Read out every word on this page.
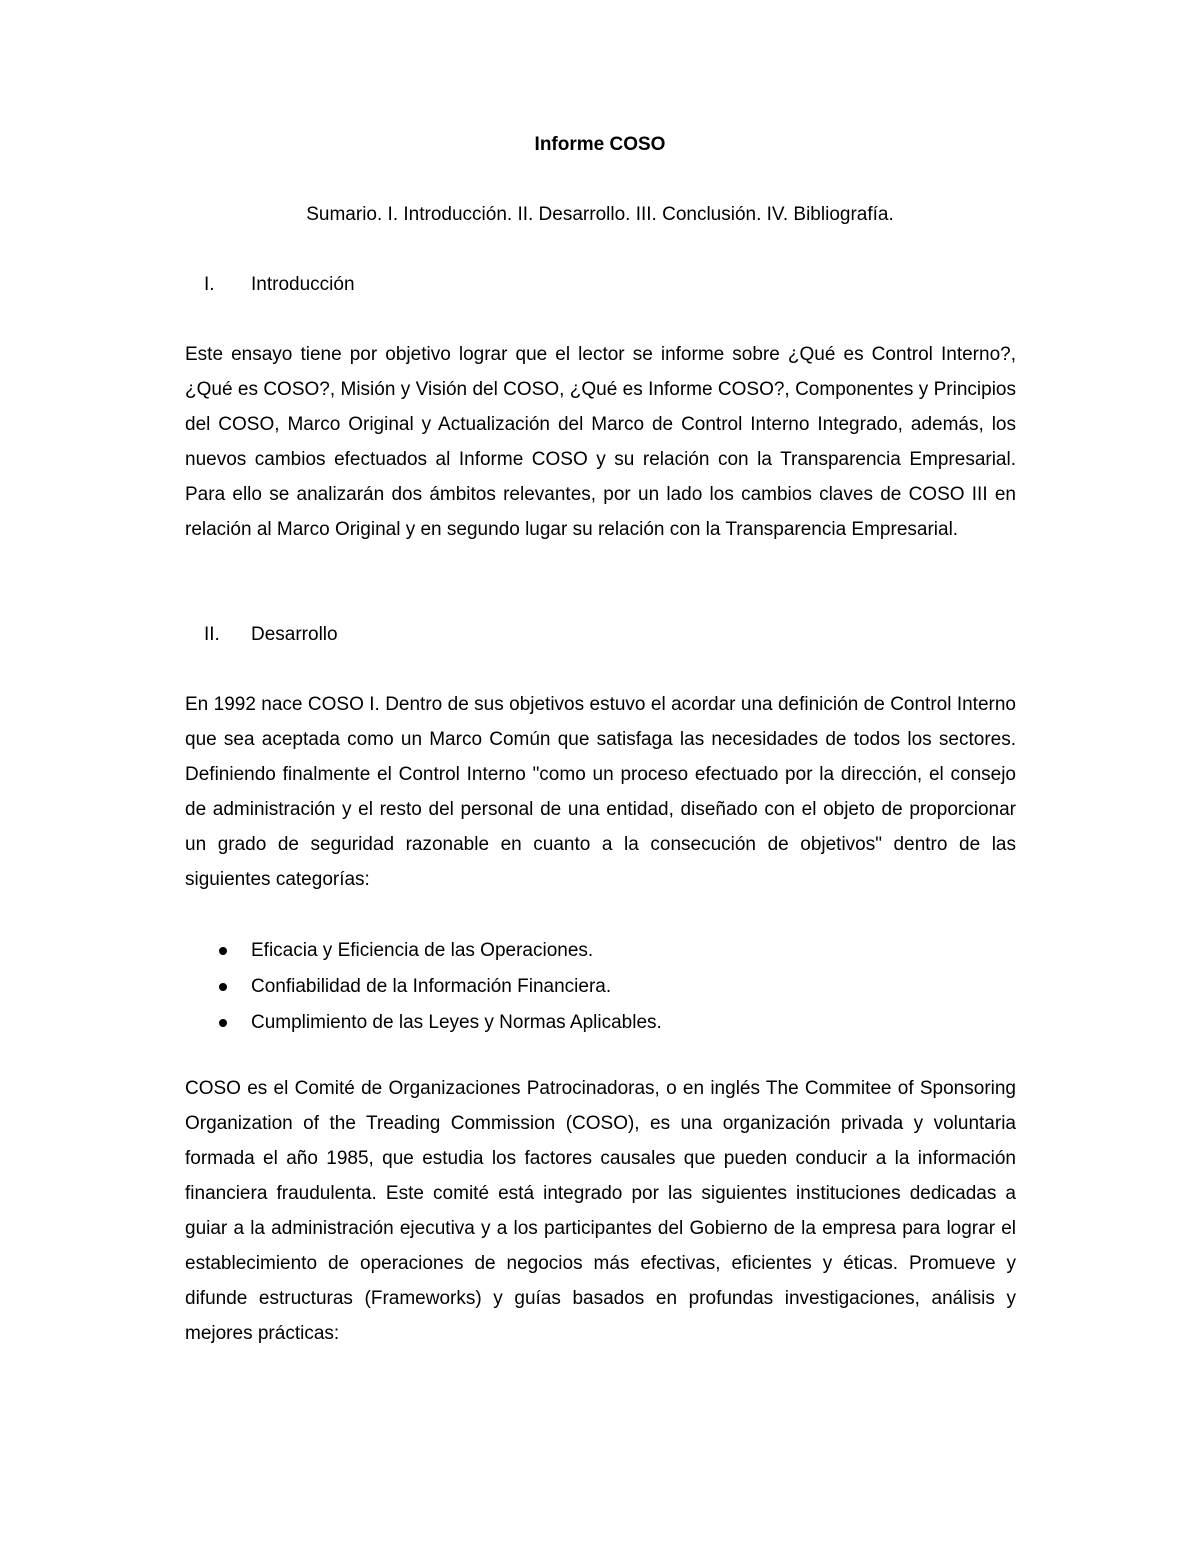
Informe COSO

Sumario. I. Introducción. II. Desarrollo. III. Conclusión. IV. Bibliografía.

I. Introducción

Este ensayo tiene por objetivo lograr que el lector se informe sobre ¿Qué es Control Interno?, ¿Qué es COSO?, Misión y Visión del COSO, ¿Qué es Informe COSO?, Componentes y Principios del COSO, Marco Original y Actualización del Marco de Control Interno Integrado, además, los nuevos cambios efectuados al Informe COSO y su relación con la Transparencia Empresarial. Para ello se analizarán dos ámbitos relevantes, por un lado los cambios claves de COSO III en relación al Marco Original y en segundo lugar su relación con la Transparencia Empresarial.

II. Desarrollo

En 1992 nace COSO I. Dentro de sus objetivos estuvo el acordar una definición de Control Interno que sea aceptada como un Marco Común que satisfaga las necesidades de todos los sectores. Definiendo finalmente el Control Interno "como un proceso efectuado por la dirección, el consejo de administración y el resto del personal de una entidad, diseñado con el objeto de proporcionar un grado de seguridad razonable en cuanto a la consecución de objetivos" dentro de las siguientes categorías:

Eficacia y Eficiencia de las Operaciones.
Confiabilidad de la Información Financiera.
Cumplimiento de las Leyes y Normas Aplicables.

COSO es el Comité de Organizaciones Patrocinadoras, o en inglés The Commitee of Sponsoring Organization of the Treading Commission (COSO), es una organización privada y voluntaria formada el año 1985, que estudia los factores causales que pueden conducir a la información financiera fraudulenta. Este comité está integrado por las siguientes instituciones dedicadas a guiar a la administración ejecutiva y a los participantes del Gobierno de la empresa para lograr el establecimiento de operaciones de negocios más efectivas, eficientes y éticas. Promueve y difunde estructuras (Frameworks) y guías basados en profundas investigaciones, análisis y mejores prácticas:
